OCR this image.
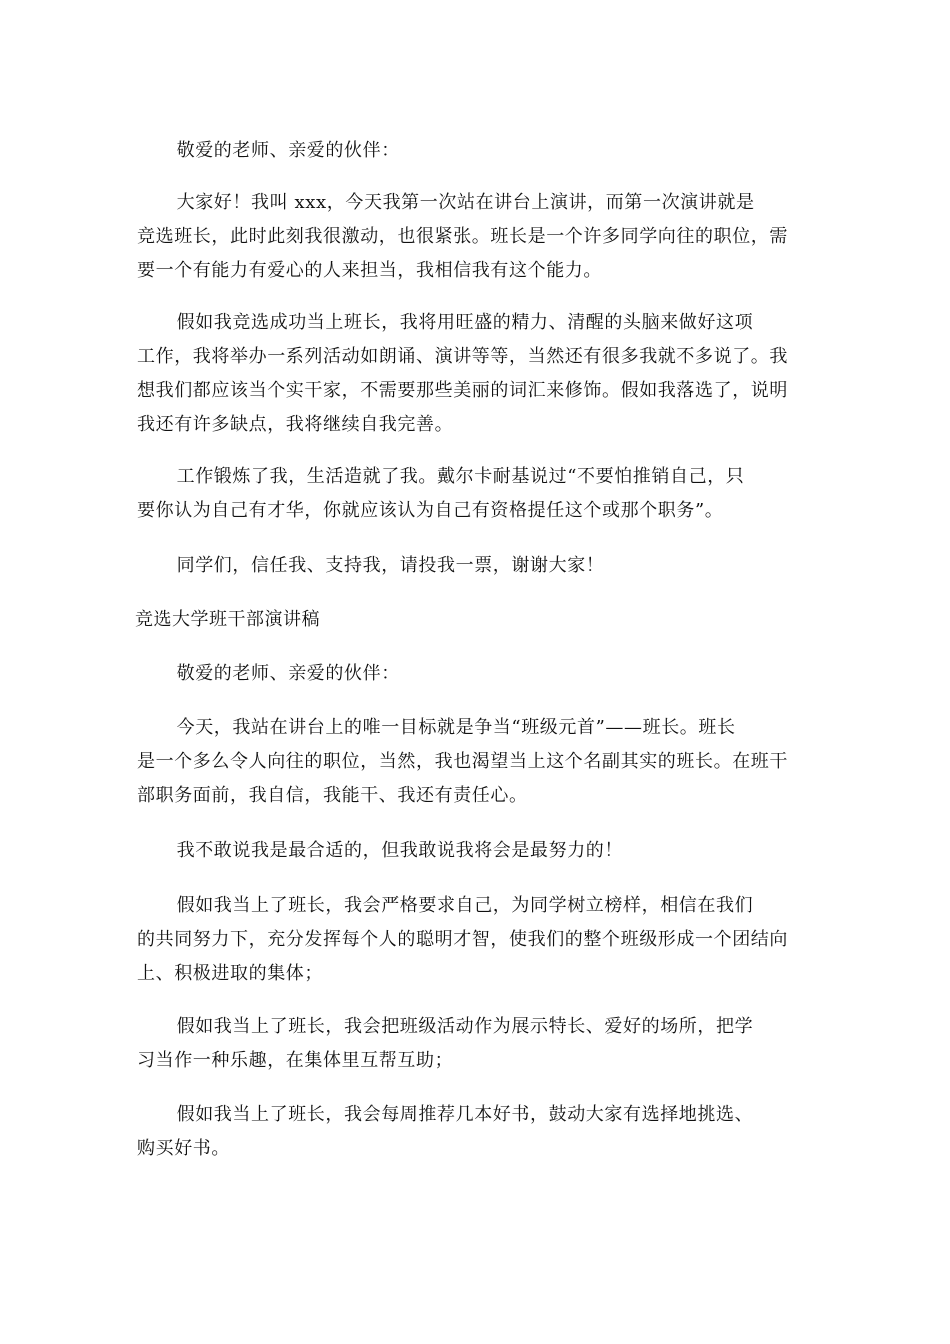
敬爱的老师、亲爱的伙伴：
大家好！我叫 xxx，今天我第一次站在讲台上演讲，而第一次演讲就是
竞选班长，此时此刻我很激动，也很紧张。班长是一个许多同学向往的职位，需
要一个有能力有爱心的人来担当，我相信我有这个能力。
假如我竞选成功当上班长，我将用旺盛的精力、清醒的头脑来做好这项
工作，我将举办一系列活动如朗诵、演讲等等，当然还有很多我就不多说了。我
想我们都应该当个实干家，不需要那些美丽的词汇来修饰。假如我落选了，说明
我还有许多缺点，我将继续自我完善。
工作锻炼了我，生活造就了我。戴尔卡耐基说过“不要怕推销自己，只
要你认为自己有才华，你就应该认为自己有资格提任这个或那个职务”。
同学们，信任我、支持我，请投我一票，谢谢大家！
竞选大学班干部演讲稿
敬爱的老师、亲爱的伙伴：
今天，我站在讲台上的唯一目标就是争当“班级元首”——班长。班长
是一个多么令人向往的职位，当然，我也渴望当上这个名副其实的班长。在班干
部职务面前，我自信，我能干、我还有责任心。
我不敢说我是最合适的，但我敢说我将会是最努力的！
假如我当上了班长，我会严格要求自己，为同学树立榜样，相信在我们
的共同努力下，充分发挥每个人的聪明才智，使我们的整个班级形成一个团结向
上、积极进取的集体；
假如我当上了班长，我会把班级活动作为展示特长、爱好的场所，把学
习当作一种乐趣，在集体里互帮互助；
假如我当上了班长，我会每周推荐几本好书，鼓动大家有选择地挑选、
购买好书。
